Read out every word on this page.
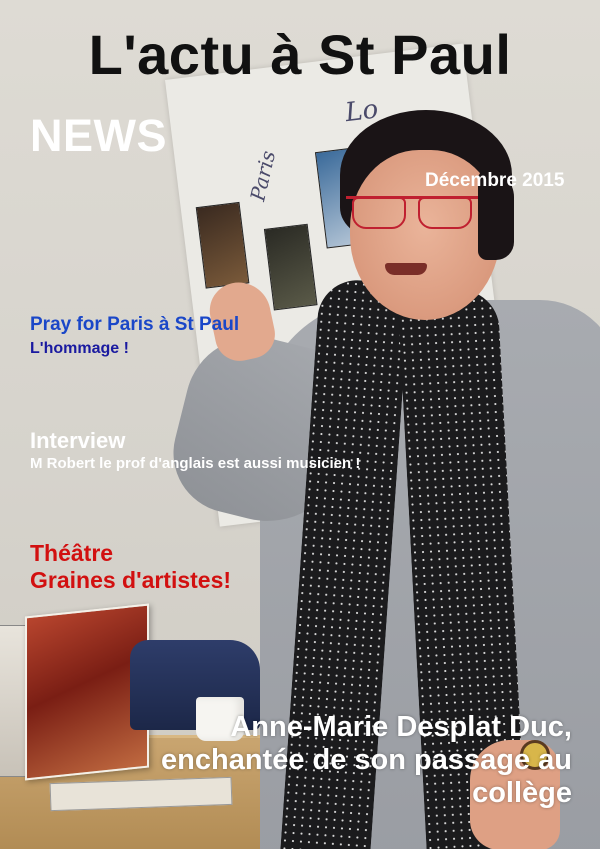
Paris
Lo
L'actu à St Paul
NEWS
Décembre 2015
Pray for Paris à St Paul
L'hommage !
Interview
M Robert le prof d'anglais est aussi musicien !
Théâtre
Graines d'artistes!
Anne-Marie Desplat Duc,
enchantée de son passage au
collège
